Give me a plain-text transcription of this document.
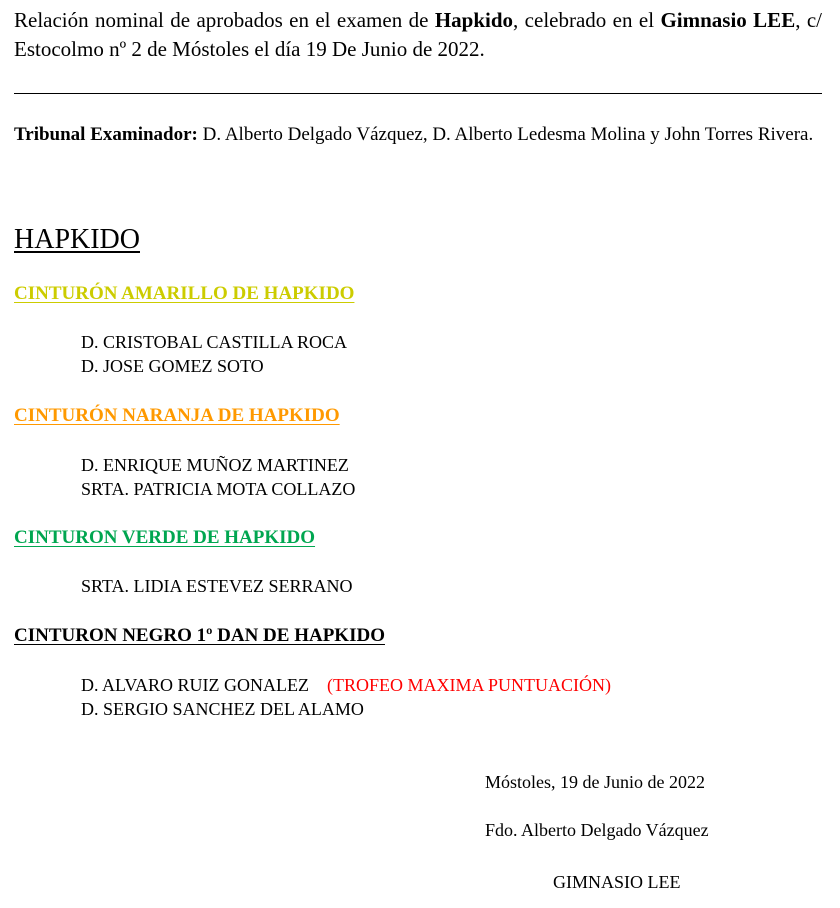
Relación nominal de aprobados en el examen de Hapkido, celebrado en el Gimnasio LEE, c/ Estocolmo nº 2 de Móstoles el día 19 De Junio de 2022.
Tribunal Examinador: D. Alberto Delgado Vázquez, D. Alberto Ledesma Molina y John Torres Rivera.
HAPKIDO
CINTURÓN AMARILLO DE HAPKIDO
D. CRISTOBAL CASTILLA ROCA
D. JOSE GOMEZ SOTO
CINTURÓN NARANJA DE HAPKIDO
D. ENRIQUE MUÑOZ MARTINEZ
SRTA. PATRICIA MOTA COLLAZO
CINTURON VERDE DE HAPKIDO
SRTA. LIDIA ESTEVEZ SERRANO
CINTURON NEGRO 1º DAN DE HAPKIDO
D. ALVARO RUIZ GONALEZ (TROFEO MAXIMA PUNTUACIÓN)
D. SERGIO SANCHEZ DEL ALAMO
Móstoles, 19 de Junio de 2022
Fdo. Alberto Delgado Vázquez
GIMNASIO LEE
